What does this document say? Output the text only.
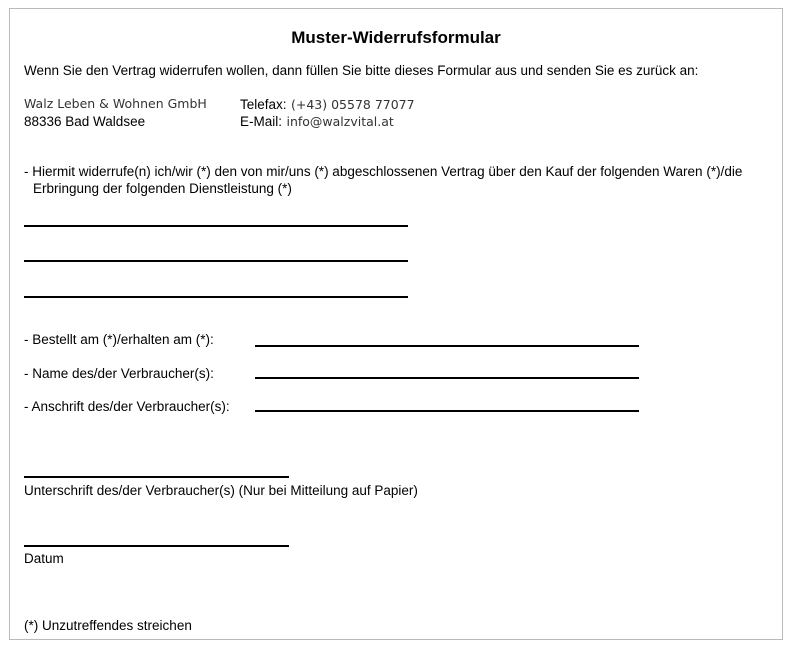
Muster-Widerrufsformular
Wenn Sie den Vertrag widerrufen wollen, dann füllen Sie bitte dieses Formular aus und senden Sie es zurück an:
Walz Leben & Wohnen GmbH
88336 Bad Waldsee
Telefax: (+43) 05578 77077
E-Mail: info@walzvital.at
- Hiermit widerrufe(n) ich/wir (*) den von mir/uns (*) abgeschlossenen Vertrag über den Kauf der folgenden Waren (*)/die
Erbringung der folgenden Dienstleistung (*)
- Bestellt am (*)/erhalten am (*):
- Name des/der Verbraucher(s):
- Anschrift des/der Verbraucher(s):
Unterschrift des/der Verbraucher(s) (Nur bei Mitteilung auf Papier)
Datum
(*) Unzutreffendes streichen
